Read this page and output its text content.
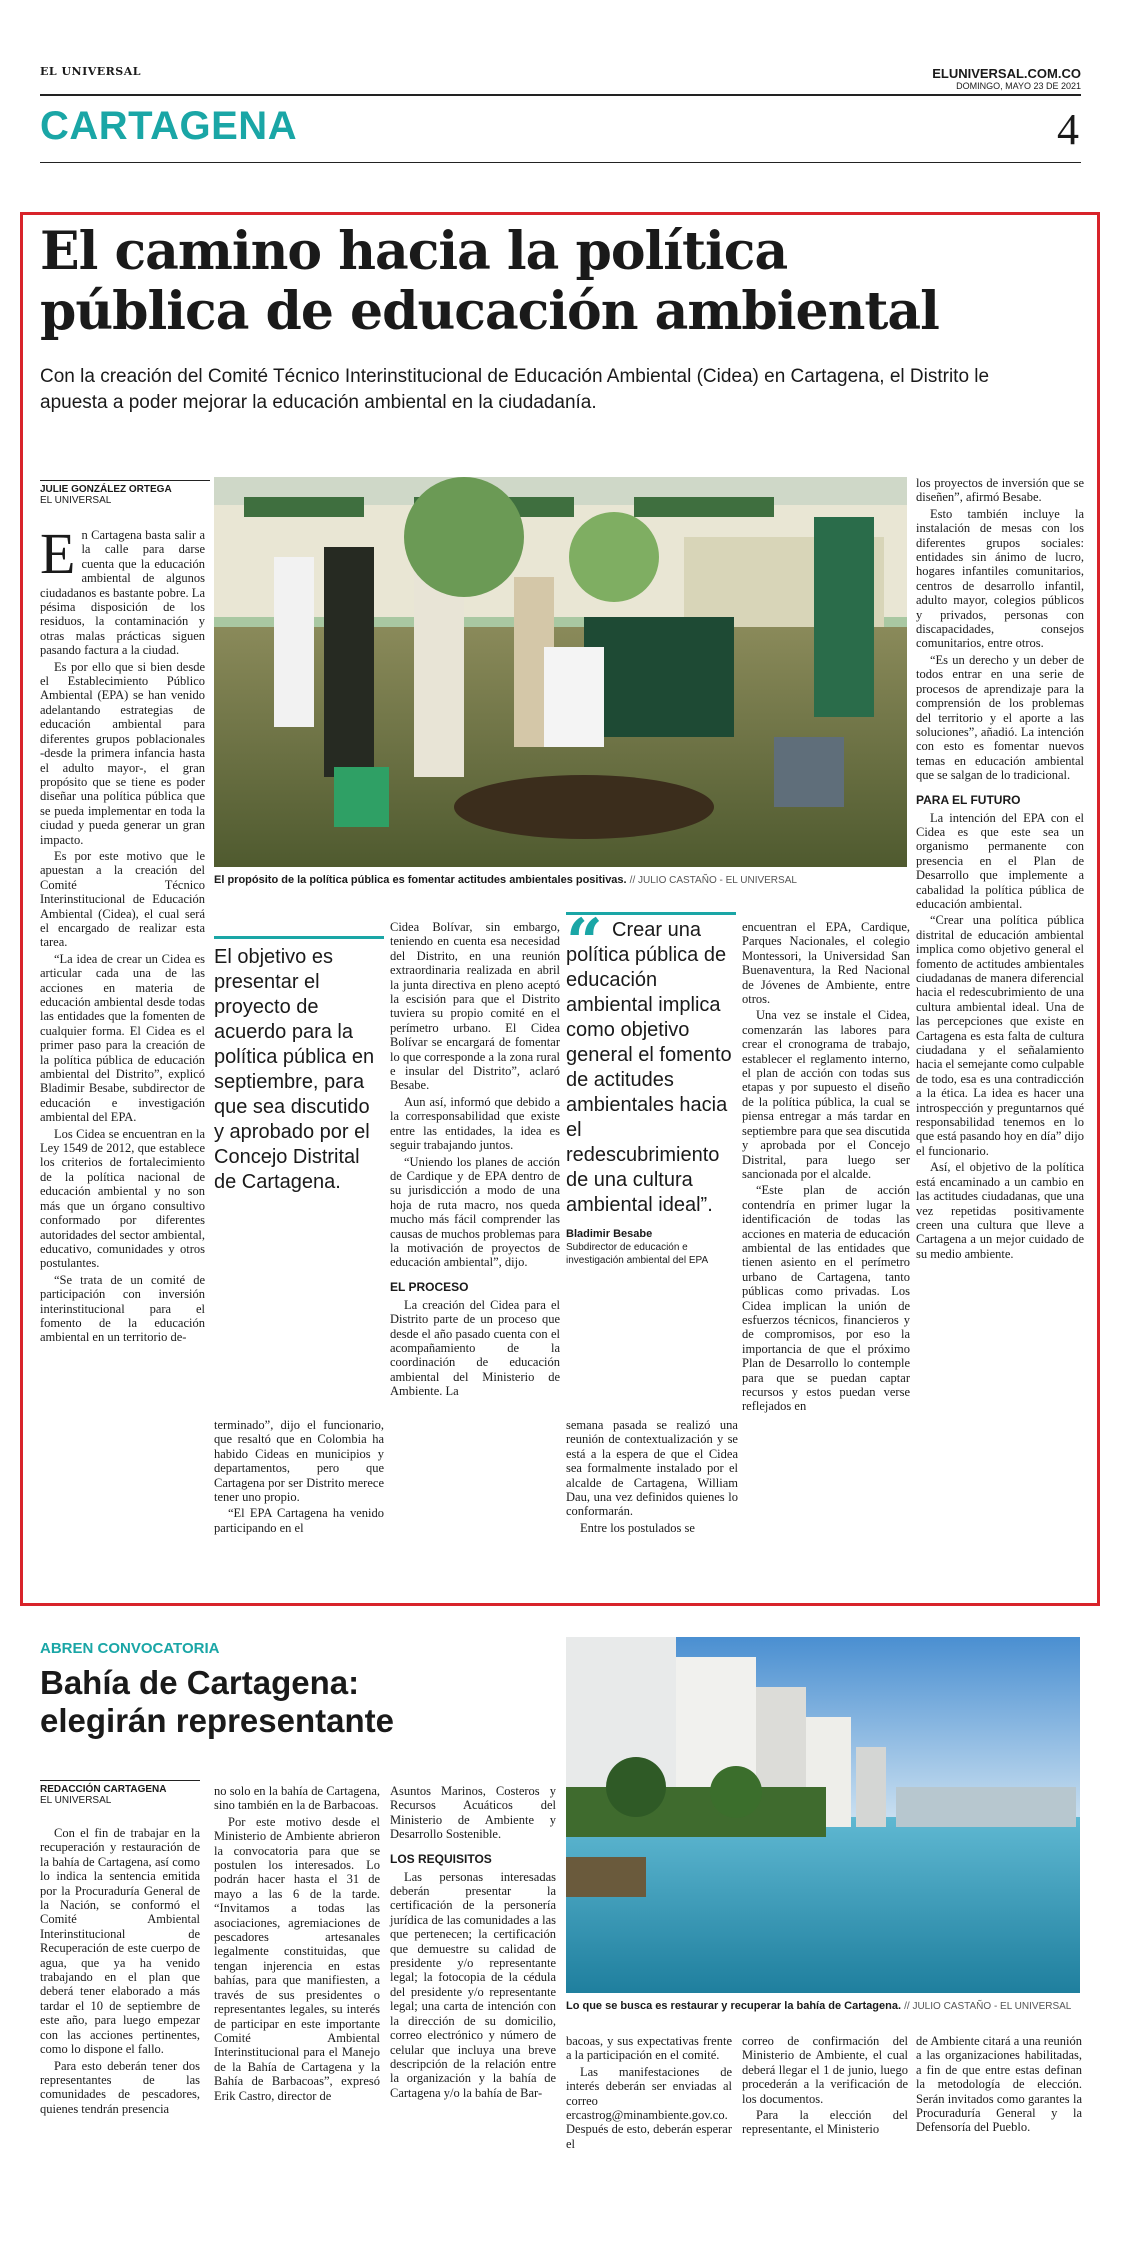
EL UNIVERSAL	ELUNIVERSAL.COM.CO
DOMINGO, MAYO 23 DE 2021
CARTAGENA	4
El camino hacia la política
pública de educación ambiental

Con la creación del Comité Técnico Interinstitucional de Educación Ambiental (Cidea) en Cartagena, el Distrito le apuesta a poder mejorar la educación ambiental en la ciudadanía.

JULIE GONZÁLEZ ORTEGA
EL UNIVERSAL
El propósito de la política pública es fomentar actitudes ambientales positivas. // JULIO CASTAÑO - EL UNIVERSAL

En Cartagena basta salir a la calle para darse cuenta que la educación ambiental de algunos ciudadanos es bastante pobre. La pésima disposición de los residuos, la contaminación y otras malas prácticas siguen pasando factura a la ciudad.

Es por ello que si bien desde el Establecimiento Público Ambiental (EPA) se han venido adelantando estrategias de educación ambiental para diferentes grupos poblacionales -desde la primera infancia hasta el adulto mayor-, el gran propósito que se tiene es poder diseñar una política pública que se pueda implementar en toda la ciudad y pueda generar un gran impacto.

Es por este motivo que le apuestan a la creación del Comité Técnico Interinstitucional de Educación Ambiental (Cidea), el cual será el encargado de realizar esta tarea.

“La idea de crear un Cidea es articular cada una de las acciones en materia de educación ambiental desde todas las entidades que la fomenten de cualquier forma. El Cidea es el primer paso para la creación de la política pública de educación ambiental del Distrito”, explicó Bladimir Besabe, subdirector de educación e investigación ambiental del EPA.

Los Cidea se encuentran en la Ley 1549 de 2012, que establece los criterios de fortalecimiento de la política nacional de educación ambiental y no son más que un órgano consultivo conformado por diferentes autoridades del sector ambiental, educativo, comunidades y otros postulantes.

“Se trata de un comité de participación con inversión interinstitucional para el fomento de la educación ambiental en un territorio de-

El objetivo es presentar el proyecto de acuerdo para la política pública en septiembre, para que sea discutido y aprobado por el Concejo Distrital de Cartagena.

terminado”, dijo el funcionario, que resaltó que en Colombia ha habido Cideas en municipios y departamentos, pero que Cartagena por ser Distrito merece tener uno propio.

“El EPA Cartagena ha venido participando en el

Cidea Bolívar, sin embargo, teniendo en cuenta esa necesidad del Distrito, en una reunión extraordinaria realizada en abril la junta directiva en pleno aceptó la escisión para que el Distrito tuviera su propio comité en el perímetro urbano. El Cidea Bolívar se encargará de fomentar lo que corresponde a la zona rural e insular del Distrito”, aclaró Besabe.

Aun así, informó que debido a la corresponsabilidad que existe entre las entidades, la idea es seguir trabajando juntos.

“Uniendo los planes de acción de Cardique y de EPA dentro de su jurisdicción a modo de una hoja de ruta macro, nos queda mucho más fácil comprender las causas de muchos problemas para la motivación de proyectos de educación ambiental”, dijo.

EL PROCESO

La creación del Cidea para el Distrito parte de un proceso que desde el año pasado cuenta con el acompañamiento de la coordinación de educación ambiental del Ministerio de Ambiente. La

“ Crear una política pública de educación ambiental implica como objetivo general el fomento de actitudes ambientales hacia el redescubrimiento de una cultura ambiental ideal”.
Bladimir Besabe
Subdirector de educación e investigación ambiental del EPA

semana pasada se realizó una reunión de contextualización y se está a la espera de que el Cidea sea formalmente instalado por el alcalde de Cartagena, William Dau, una vez definidos quienes lo conformarán.

Entre los postulados se

encuentran el EPA, Cardique, Parques Nacionales, el colegio Montessori, la Universidad San Buenaventura, la Red Nacional de Jóvenes de Ambiente, entre otros.

Una vez se instale el Cidea, comenzarán las labores para crear el cronograma de trabajo, establecer el reglamento interno, el plan de acción con todas sus etapas y por supuesto el diseño de la política pública, la cual se piensa entregar a más tardar en septiembre para que sea discutida y aprobada por el Concejo Distrital, para luego ser sancionada por el alcalde.

“Este plan de acción contendría en primer lugar la identificación de todas las acciones en materia de educación ambiental de las entidades que tienen asiento en el perímetro urbano de Cartagena, tanto públicas como privadas. Los Cidea implican la unión de esfuerzos técnicos, financieros y de compromisos, por eso la importancia de que el próximo Plan de Desarrollo lo contemple para que se puedan captar recursos y estos puedan verse reflejados en

los proyectos de inversión que se diseñen”, afirmó Besabe.

Esto también incluye la instalación de mesas con los diferentes grupos sociales: entidades sin ánimo de lucro, hogares infantiles comunitarios, centros de desarrollo infantil, adulto mayor, colegios públicos y privados, personas con discapacidades, consejos comunitarios, entre otros.

“Es un derecho y un deber de todos entrar en una serie de procesos de aprendizaje para la comprensión de los problemas del territorio y el aporte a las soluciones”, añadió. La intención con esto es fomentar nuevos temas en educación ambiental que se salgan de lo tradicional.

PARA EL FUTURO

La intención del EPA con el Cidea es que este sea un organismo permanente con presencia en el Plan de Desarrollo que implemente a cabalidad la política pública de educación ambiental.

“Crear una política pública distrital de educación ambiental implica como objetivo general el fomento de actitudes ambientales ciudadanas de manera diferencial hacia el redescubrimiento de una cultura ambiental ideal. Una de las percepciones que existe en Cartagena es esta falta de cultura ciudadana y el señalamiento hacia el semejante como culpable de todo, esa es una contradicción a la ética. La idea es hacer una introspección y preguntarnos qué responsabilidad tenemos en lo que está pasando hoy en día” dijo el funcionario.

Así, el objetivo de la política está encaminado a un cambio en las actitudes ciudadanas, que una vez repetidas positivamente creen una cultura que lleve a Cartagena a un mejor cuidado de su medio ambiente.

ABREN CONVOCATORIA
Bahía de Cartagena:
elegirán representante
REDACCIÓN CARTAGENA
EL UNIVERSAL
Lo que se busca es restaurar y recuperar la bahía de Cartagena. // JULIO CASTAÑO - EL UNIVERSAL

Con el fin de trabajar en la recuperación y restauración de la bahía de Cartagena, así como lo indica la sentencia emitida por la Procuraduría General de la Nación, se conformó el Comité Ambiental Interinstitucional de Recuperación de este cuerpo de agua, que ya ha venido trabajando en el plan que deberá tener elaborado a más tardar el 10 de septiembre de este año, para luego empezar con las acciones pertinentes, como lo dispone el fallo.

Para esto deberán tener dos representantes de las comunidades de pescadores, quienes tendrán presencia

no solo en la bahía de Cartagena, sino también en la de Barbacoas.

Por este motivo desde el Ministerio de Ambiente abrieron la convocatoria para que se postulen los interesados. Lo podrán hacer hasta el 31 de mayo a las 6 de la tarde. “Invitamos a todas las asociaciones, agremiaciones de pescadores artesanales legalmente constituidas, que tengan injerencia en estas bahías, para que manifiesten, a través de sus presidentes o representantes legales, su interés de participar en este importante Comité Ambiental Interinstitucional para el Manejo de la Bahía de Cartagena y la Bahía de Barbacoas”, expresó Erik Castro, director de

Asuntos Marinos, Costeros y Recursos Acuáticos del Ministerio de Ambiente y Desarrollo Sostenible.

LOS REQUISITOS

Las personas interesadas deberán presentar la certificación de la personería jurídica de las comunidades a las que pertenecen; la certificación que demuestre su calidad de presidente y/o representante legal; la fotocopia de la cédula del presidente y/o representante legal; una carta de intención con la dirección de su domicilio, correo electrónico y número de celular que incluya una breve descripción de la relación entre la organización y la bahía de Cartagena y/o la bahía de Bar-

bacoas, y sus expectativas frente a la participación en el comité.

Las manifestaciones de interés deberán ser enviadas al correo ercastrog@minambiente.gov.co. Después de esto, deberán esperar el

correo de confirmación del Ministerio de Ambiente, el cual deberá llegar el 1 de junio, luego procederán a la verificación de los documentos.

Para la elección del representante, el Ministerio

de Ambiente citará a una reunión a las organizaciones habilitadas, a fin de que entre estas definan la metodología de elección. Serán invitados como garantes la Procuraduría General y la Defensoría del Pueblo.
